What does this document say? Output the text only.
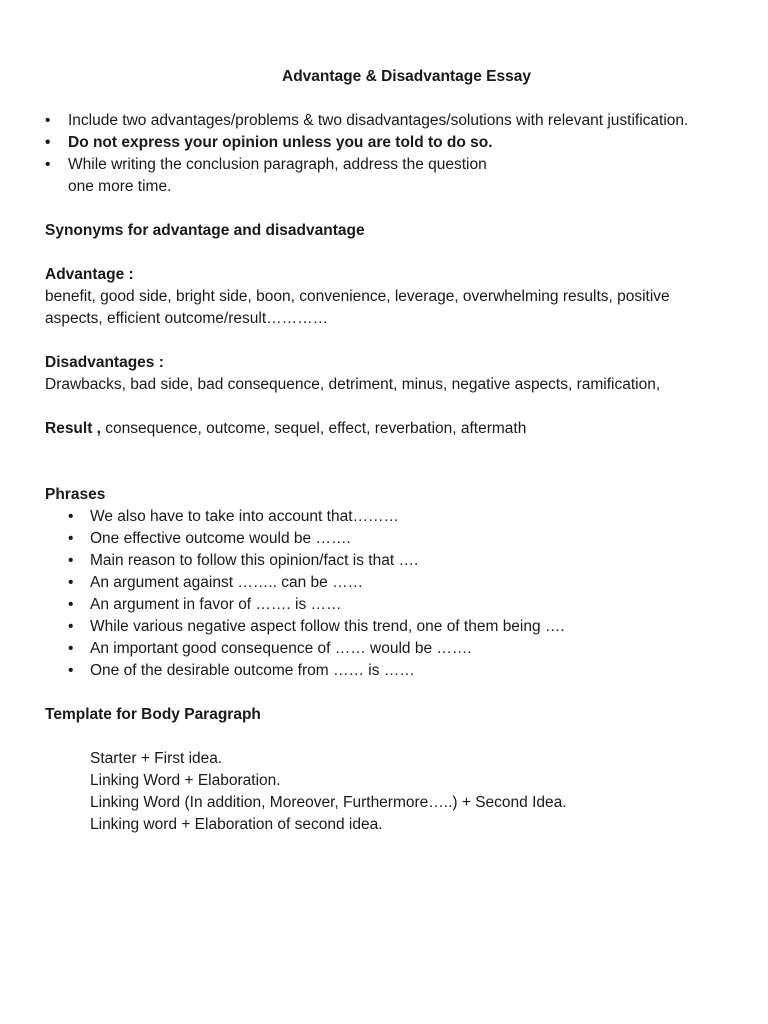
Advantage & Disadvantage Essay
• Include two advantages/problems & two disadvantages/solutions with relevant justification.
• Do not express your opinion unless you are told to do so.
• While writing the conclusion paragraph, address the question one more time.
Synonyms for advantage and disadvantage
Advantage :
benefit, good side, bright side, boon, convenience, leverage, overwhelming results, positive aspects, efficient outcome/result…………
Disadvantages :
Drawbacks, bad side, bad consequence, detriment, minus, negative aspects, ramification,
Result , consequence, outcome, sequel, effect, reverbation, aftermath
Phrases
• We also have to take into account that………
• One effective outcome would be …….
• Main reason to follow this opinion/fact is that ….
• An argument against …….. can be ……
• An argument in favor of ……. is ……
• While various negative aspect follow this trend, one of them being ….
• An important good consequence of …… would be …….
• One of the desirable outcome from …… is ……
Template for Body Paragraph
Starter + First idea.
Linking Word + Elaboration.
Linking Word (In addition, Moreover, Furthermore…..) + Second Idea.
Linking word + Elaboration of second idea.
